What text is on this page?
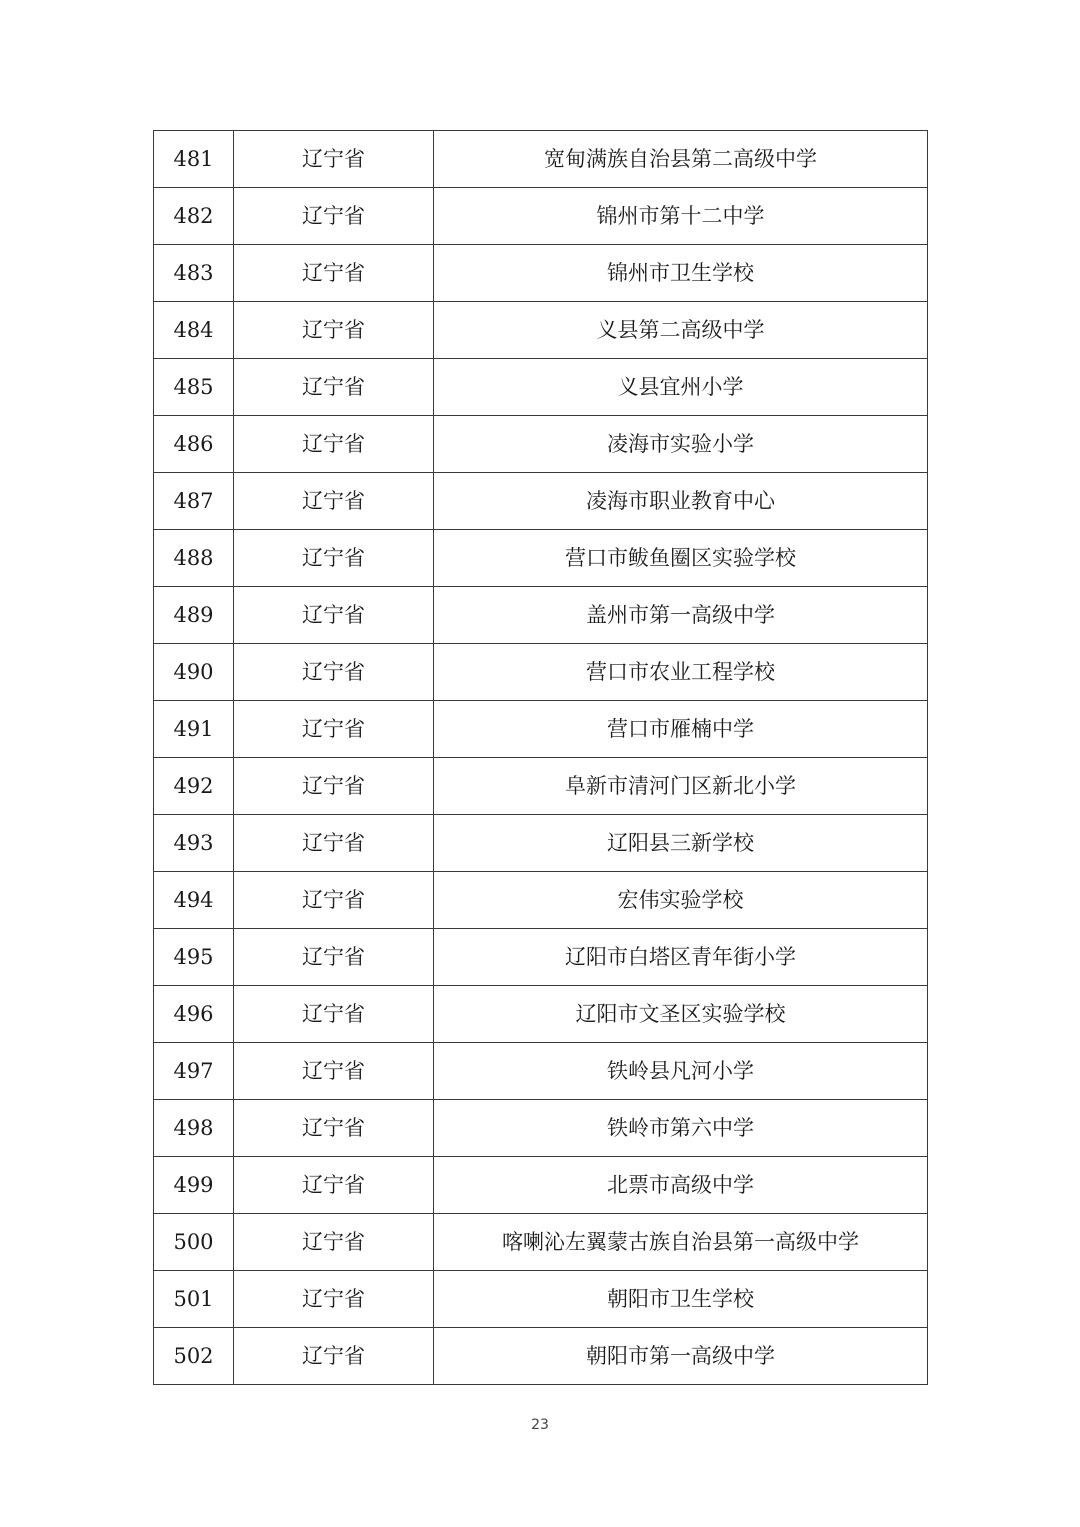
481	辽宁省	宽甸满族自治县第二高级中学
482	辽宁省	锦州市第十二中学
483	辽宁省	锦州市卫生学校
484	辽宁省	义县第二高级中学
485	辽宁省	义县宜州小学
486	辽宁省	凌海市实验小学
487	辽宁省	凌海市职业教育中心
488	辽宁省	营口市鲅鱼圈区实验学校
489	辽宁省	盖州市第一高级中学
490	辽宁省	营口市农业工程学校
491	辽宁省	营口市雁楠中学
492	辽宁省	阜新市清河门区新北小学
493	辽宁省	辽阳县三新学校
494	辽宁省	宏伟实验学校
495	辽宁省	辽阳市白塔区青年街小学
496	辽宁省	辽阳市文圣区实验学校
497	辽宁省	铁岭县凡河小学
498	辽宁省	铁岭市第六中学
499	辽宁省	北票市高级中学
500	辽宁省	喀喇沁左翼蒙古族自治县第一高级中学
501	辽宁省	朝阳市卫生学校
502	辽宁省	朝阳市第一高级中学
23
